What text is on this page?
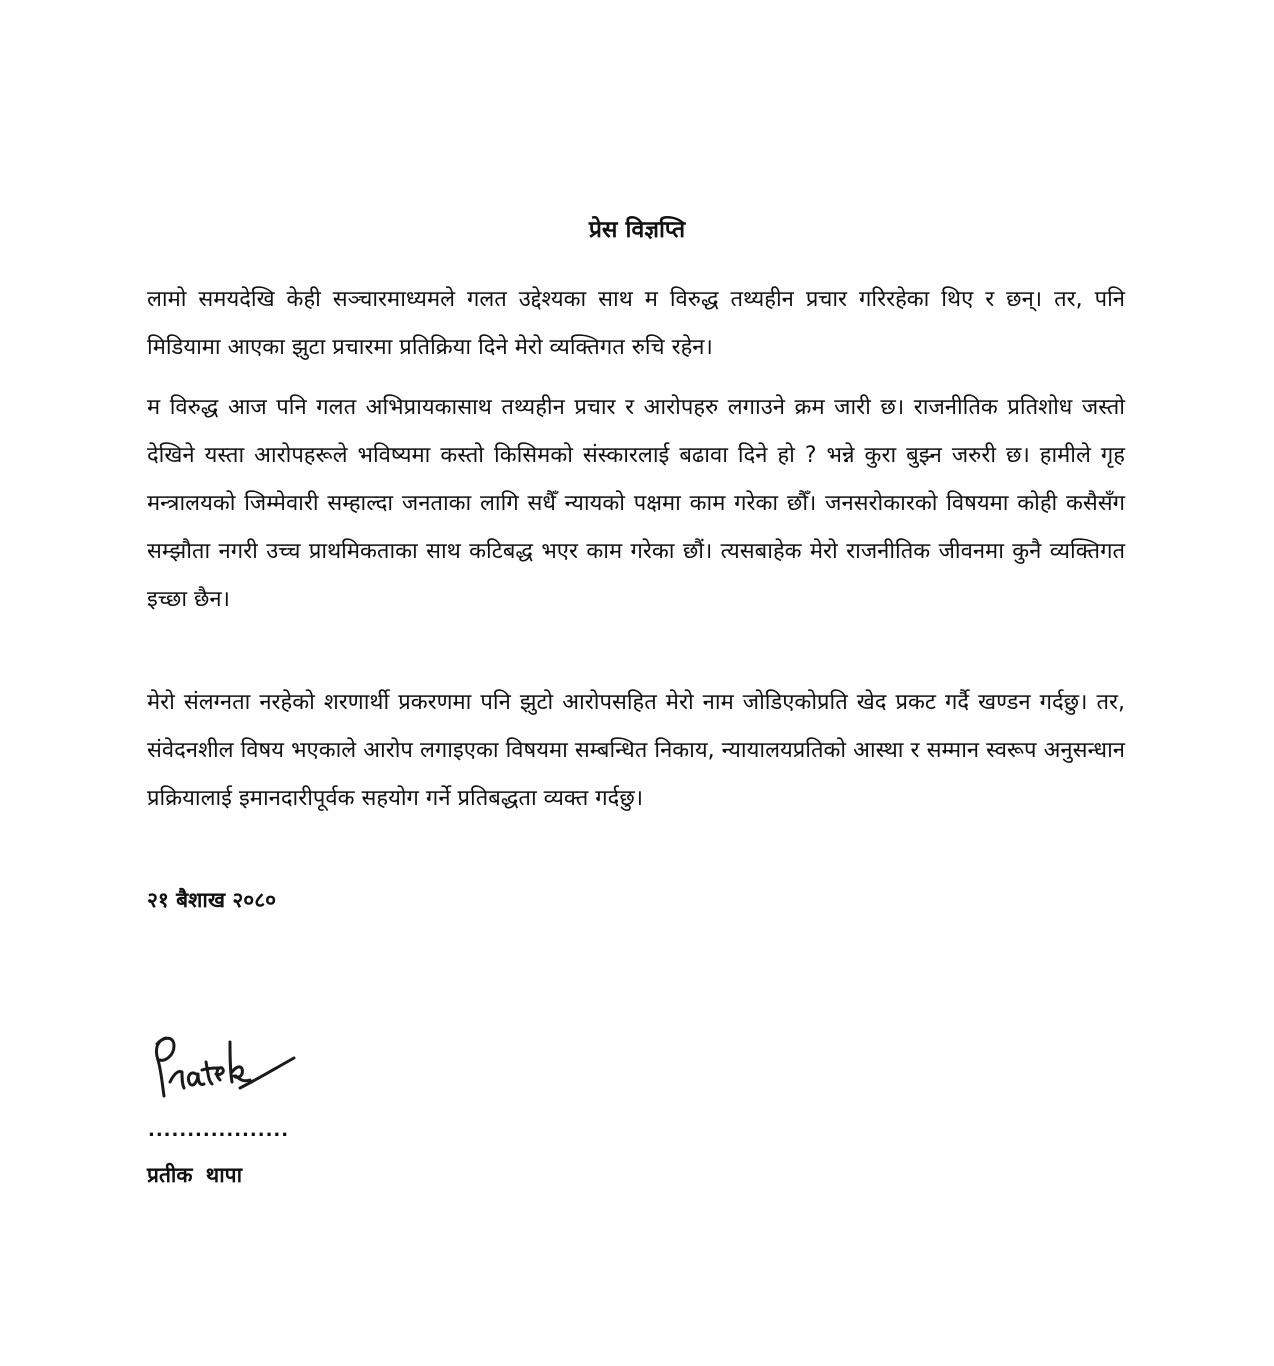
प्रेस विज्ञप्ति

लामो समयदेखि केही सञ्चारमाध्यमले गलत उद्देश्यका साथ म विरुद्ध तथ्यहीन प्रचार गरिरहेका थिए र छन्। तर, पनि मिडियामा आएका झुटा प्रचारमा प्रतिक्रिया दिने मेरो व्यक्तिगत रुचि रहेन।

म विरुद्ध आज पनि गलत अभिप्रायकासाथ तथ्यहीन प्रचार र आरोपहरु लगाउने क्रम जारी छ। राजनीतिक प्रतिशोध जस्तो देखिने यस्ता आरोपहरूले भविष्यमा कस्तो किसिमको संस्कारलाई बढावा दिने हो ? भन्ने कुरा बुझ्न जरुरी छ। हामीले गृह मन्त्रालयको जिम्मेवारी सम्हाल्दा जनताका लागि सधैँ न्यायको पक्षमा काम गरेका छौँ। जनसरोकारको विषयमा कोही कसैसँग सम्झौता नगरी उच्च प्राथमिकताका साथ कटिबद्ध भएर काम गरेका छौं। त्यसबाहेक मेरो राजनीतिक जीवनमा कुनै व्यक्तिगत इच्छा छैन।

मेरो संलग्नता नरहेको शरणार्थी प्रकरणमा पनि झुटो आरोपसहित मेरो नाम जोडिएकोप्रति खेद प्रकट गर्दै खण्डन गर्दछु। तर, संवेदनशील विषय भएकाले आरोप लगाइएका विषयमा सम्बन्धित निकाय, न्यायालयप्रतिको आस्था र सम्मान स्वरूप अनुसन्धान प्रक्रियालाई इमानदारीपूर्वक सहयोग गर्ने प्रतिबद्धता व्यक्त गर्दछु।

२१ बैशाख २०८०
..................
प्रतीक थापा
